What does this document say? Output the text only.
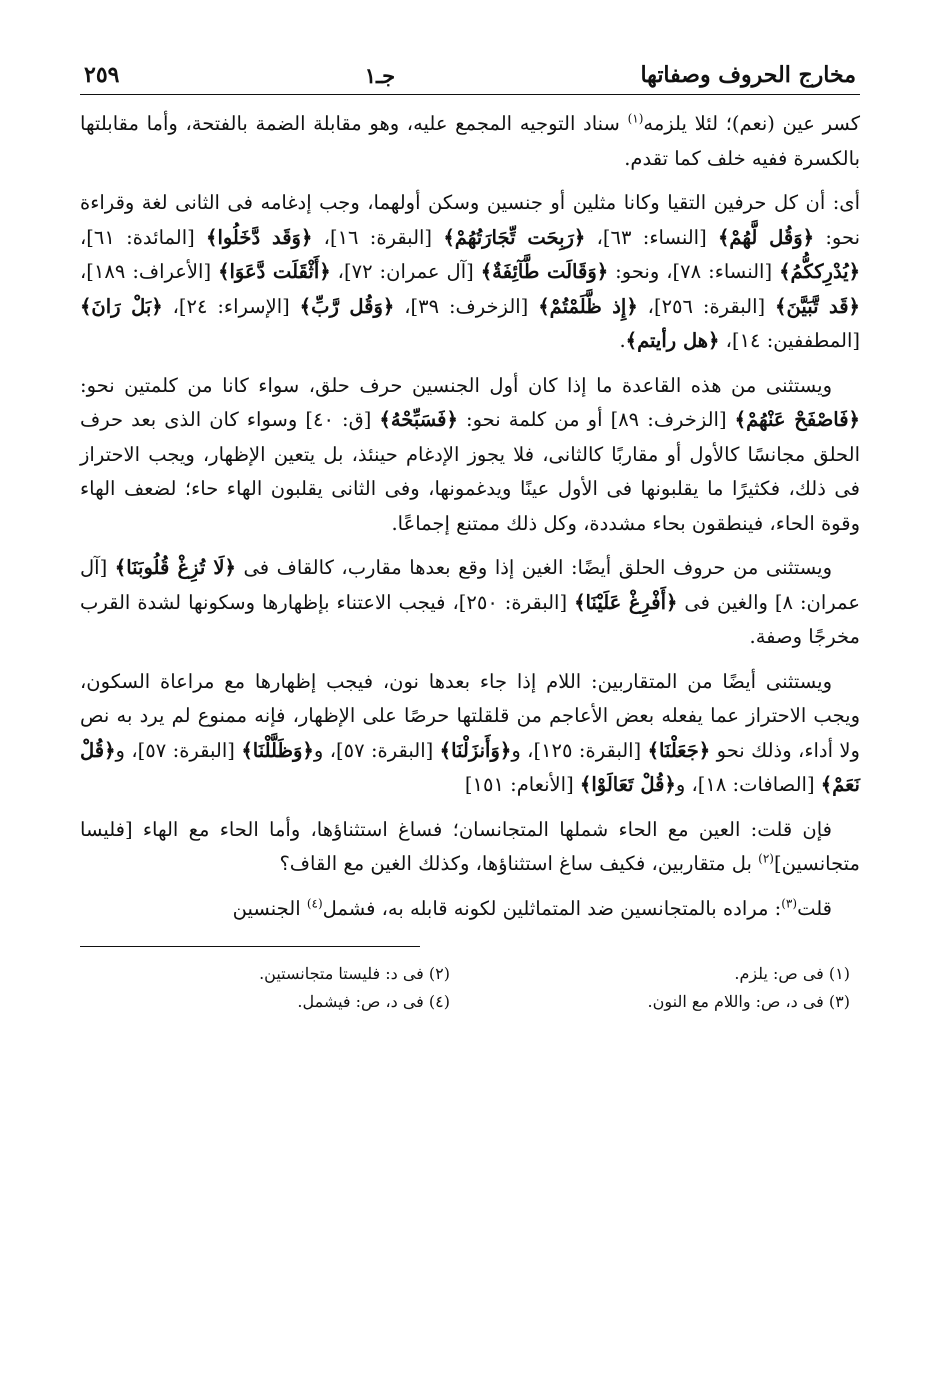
مخارج الحروف وصفاتها
جـ١
٢٥٩

كسر عين (نعم)؛ لئلا يلزمه$^{(١)}$ سناد التوجيه المجمع عليه، وهو مقابلة الضمة بالفتحة، وأما مقابلتها بالكسرة ففيه خلف كما تقدم.

أى: أن كل حرفين التقيا وكانا مثلين أو جنسين وسكن أولهما، وجب إدغامه فى الثانى لغة وقراءة نحو: ﴿وَقُل لَّهُمْ﴾ [النساء: ٦٣]، ﴿رَبِحَت تِّجَارَتُهُمْ﴾ [البقرة: ١٦]، ﴿وَقَد دَّخَلُوا﴾ [المائدة: ٦١]، ﴿يُدْرِككُّمُ﴾ [النساء: ٧٨]، ونحو: ﴿وَقَالَت طَّآئِفَةٌ﴾ [آل عمران: ٧٢]، ﴿أَثْقَلَت دَّعَوَا﴾ [الأعراف: ١٨٩]، ﴿قَد تَّبَيَّنَ﴾ [البقرة: ٢٥٦]، ﴿إِذ ظَّلَمْتُمْ﴾ [الزخرف: ٣٩]، ﴿وَقُل رَّبِّ﴾ [الإسراء: ٢٤]، ﴿بَلْ رَانَ﴾ [المطففين: ١٤]، ﴿هل رأيتم﴾.

ويستثنى من هذه القاعدة ما إذا كان أول الجنسين حرف حلق، سواء كانا من كلمتين نحو: ﴿فَاصْفَحْ عَنْهُمْ﴾ [الزخرف: ٨٩] أو من كلمة نحو: ﴿فَسَبِّحْهُ﴾ [ق: ٤٠] وسواء كان الذى بعد حرف الحلق مجانسًا كالأول أو مقاربًا كالثانى، فلا يجوز الإدغام حينئذ، بل يتعين الإظهار، ويجب الاحتراز فى ذلك، فكثيرًا ما يقلبونها فى الأول عينًا ويدغمونها، وفى الثانى يقلبون الهاء حاء؛ لضعف الهاء وقوة الحاء، فينطقون بحاء مشددة، وكل ذلك ممتنع إجماعًا.

ويستثنى من حروف الحلق أيضًا: الغين إذا وقع بعدها مقارب، كالقاف فى ﴿لَا تُزِغْ قُلُوبَنَا﴾ [آل عمران: ٨] والغين فى ﴿أَفْرِغْ عَلَيْنَا﴾ [البقرة: ٢٥٠]، فيجب الاعتناء بإظهارها وسكونها لشدة القرب مخرجًا وصفة.

ويستثنى أيضًا من المتقاربين: اللام إذا جاء بعدها نون، فيجب إظهارها مع مراعاة السكون، ويجب الاحتراز عما يفعله بعض الأعاجم من قلقلتها حرصًا على الإظهار، فإنه ممنوع لم يرد به نص ولا أداء، وذلك نحو ﴿جَعَلْنَا﴾ [البقرة: ١٢٥]، و﴿وَأَنزَلْنَا﴾ [البقرة: ٥٧]، و﴿وَظَلَّلْنَا﴾ [البقرة: ٥٧]، و﴿قُلْ نَعَمْ﴾ [الصافات: ١٨]، و﴿قُلْ تَعَالَوْا﴾ [الأنعام: ١٥١]

فإن قلت: العين مع الحاء شملها المتجانسان؛ فساغ استثناؤها، وأما الحاء مع الهاء [فليسا متجانسين]$^{(٢)}$ بل متقاربين، فكيف ساغ استثناؤها، وكذلك الغين مع القاف؟

قلت$^{(٣)}$: مراده بالمتجانسين ضد المتماثلين لكونه قابله به، فشمل$^{(٤)}$ الجنسين

(١) فى ص: يلزم.
(٢) فى د: فليستا متجانستين.
(٣) فى د، ص: واللام مع النون.
(٤) فى د، ص: فيشمل.
